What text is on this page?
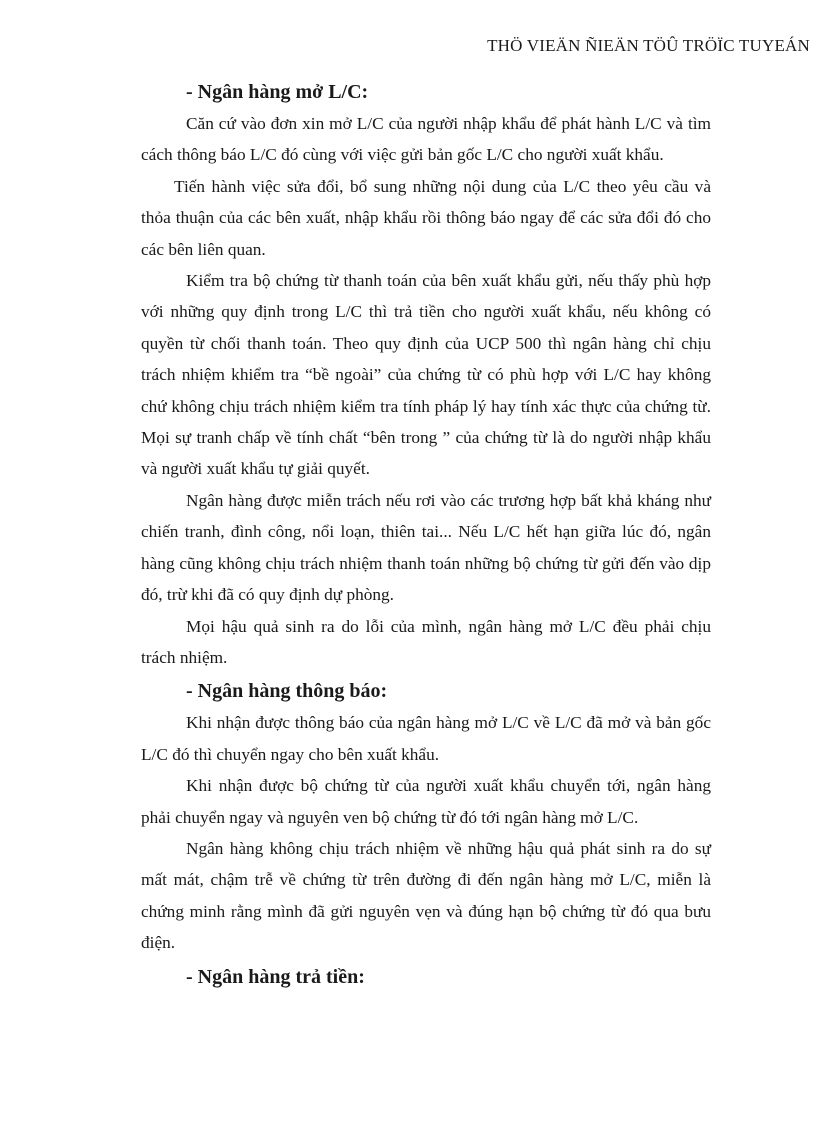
THÖ VIEÄN ÑIEÄN TÖÛ TRÖÏC TUYEÁN
- Ngân hàng mở L/C:

Căn cứ vào đơn xin mở L/C của người nhập khẩu để phát hành L/C và tìm cách thông báo L/C đó cùng với việc gửi bản gốc L/C cho người xuất khẩu.

Tiến hành việc sửa đổi, bổ sung những nội dung của L/C theo yêu cầu và thỏa thuận của các bên xuất, nhập khẩu rồi thông báo ngay để các sửa đổi đó cho các bên liên quan.

Kiểm tra bộ chứng từ thanh toán của bên xuất khẩu gửi, nếu thấy phù hợp với những quy định trong L/C thì trả tiền cho người xuất khẩu, nếu không có quyền từ chối thanh toán. Theo quy định của UCP 500 thì ngân hàng chỉ chịu trách nhiệm khiểm tra “bề ngoài” của chứng từ có phù hợp với L/C hay không chứ không chịu trách nhiệm kiểm tra tính pháp lý hay tính xác thực của chứng từ. Mọi sự tranh chấp về tính chất “bên trong ” của chứng từ là do người nhập khẩu và người xuất khẩu tự giải quyết.

Ngân hàng được miễn trách nếu rơi vào các trương hợp bất khả kháng như chiến tranh, đình công, nổi loạn, thiên tai... Nếu L/C hết hạn giữa lúc đó, ngân hàng cũng không chịu trách nhiệm thanh toán những bộ chứng từ gửi đến vào dịp đó, trừ khi đã có quy định dự phòng.

Mọi hậu quả sinh ra do lỗi của mình, ngân hàng mở L/C đều phải chịu trách nhiệm.

- Ngân hàng thông báo:

Khi nhận được thông báo của ngân hàng mở L/C về L/C đã mở và bản gốc L/C đó thì chuyển ngay cho bên xuất khẩu.

Khi nhận được bộ chứng từ của người xuất khẩu chuyển tới, ngân hàng phải chuyển ngay và nguyên ven bộ chứng từ đó tới ngân hàng mở L/C.

Ngân hàng không chịu trách nhiệm về những hậu quả phát sinh ra do sự mất mát, chậm trễ về chứng từ trên đường đi đến ngân hàng mở L/C, miễn là chứng minh rằng mình đã gửi nguyên vẹn và đúng hạn bộ chứng từ đó qua bưu điện.

- Ngân hàng trả tiền:
